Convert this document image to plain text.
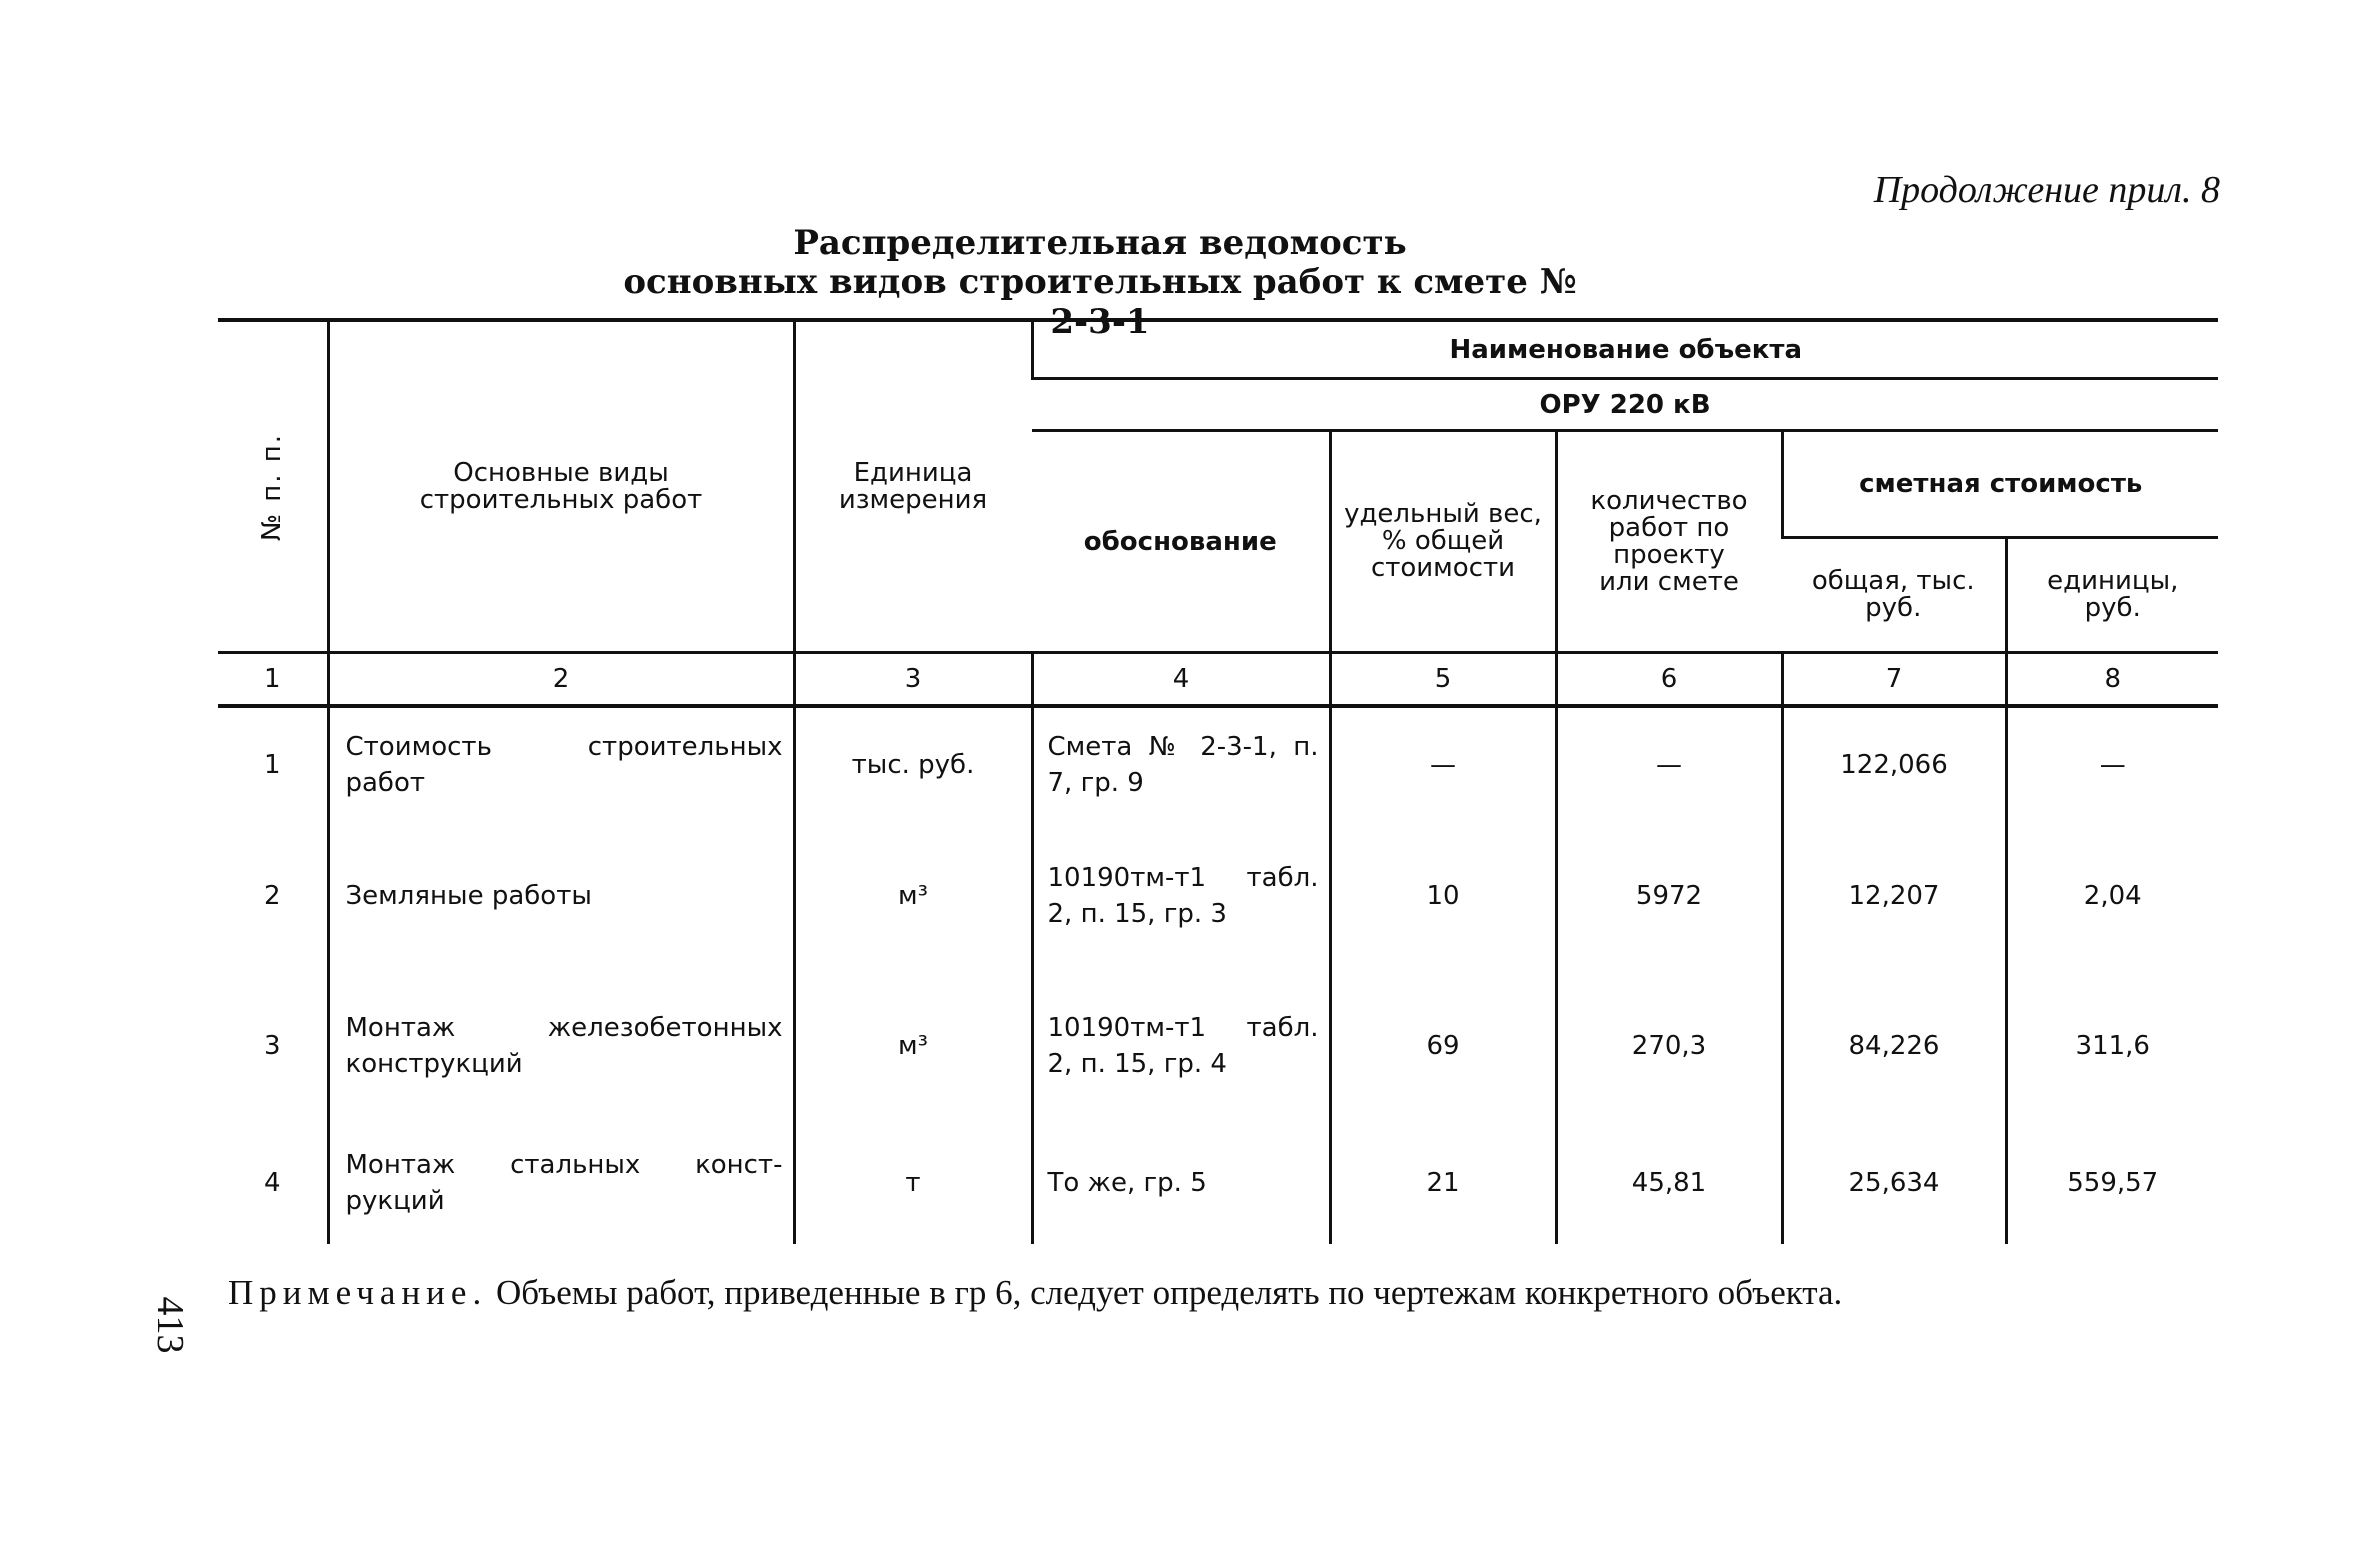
Продолжение прил. 8
Распределительная ведомость
основных видов строительных работ к смете № 2-3-1
№ п. п.	Основные виды строительных работ	Единица измерения	Наименование объекта				
			ОРУ 220 кВ				
			обоснование	удельный вес, % общей стоимости	количество работ по проекту или смете	сметная стоимость	

						общая, тыс. руб.	единицы, руб.

1	2	3	4	5	6	7	8
1	Стоимость строительных работ	тыс. руб.	Смета № 2-3-1, п. 7, гр. 9	—	—	122,066	—
2	Земляные работы	м³	10190тм-т1 табл. 2, п. 15, гр. 3	10	5972	12,207	2,04
3	Монтаж железобетонных конструкций	м³	10190тм-т1 табл. 2, п. 15, гр. 4	69	270,3	84,226	311,6
4	Монтаж стальных конст-рукций	т	То же, гр. 5	21	45,81	25,634	559,57
Примечание. Объемы работ, приведенные в гр 6, следует определять по чертежам конкретного объекта.
413
